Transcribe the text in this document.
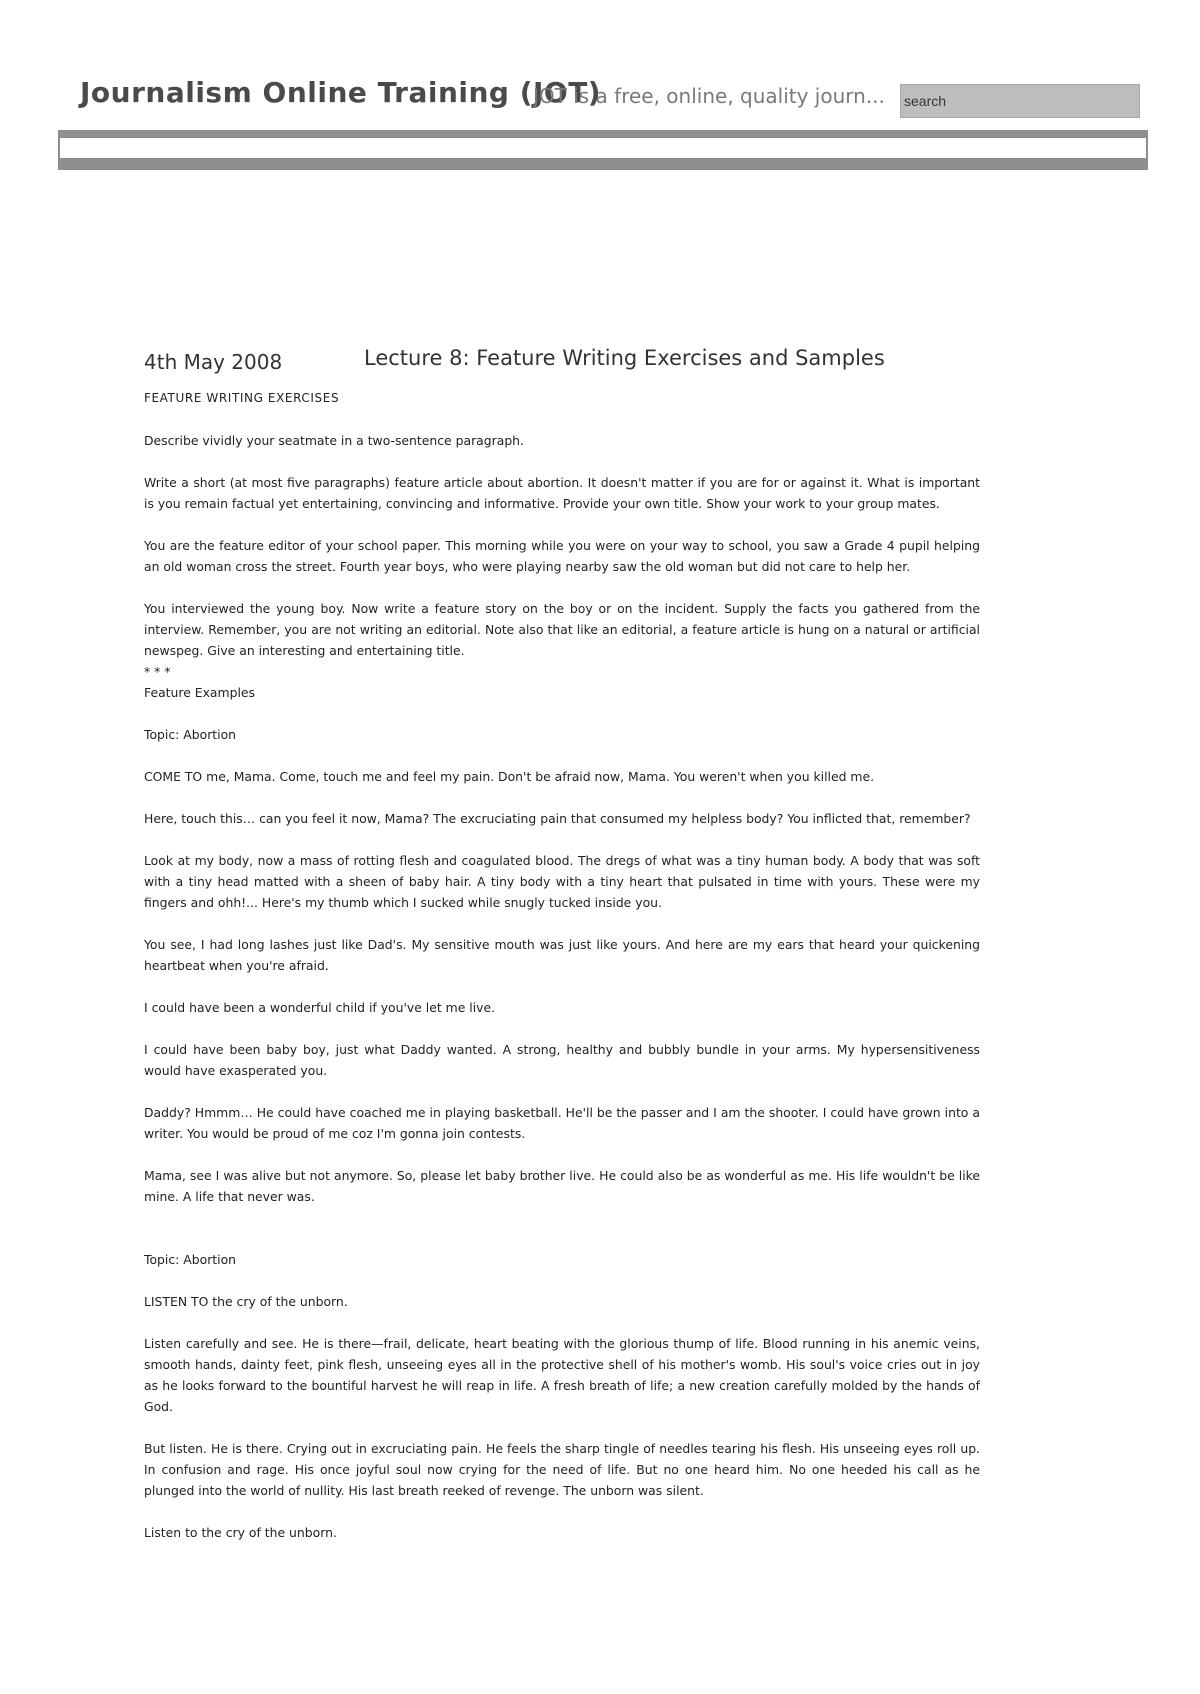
Journalism Online Training (JOT)
JOT is a free, online, quality journ...
search
4th May 2008	Lecture 8: Feature Writing Exercises and Samples

FEATURE WRITING EXERCISES

Describe vividly your seatmate in a two-sentence paragraph.

Write a short (at most five paragraphs) feature article about abortion. It doesn't matter if you are for or against it. What is important is you remain factual yet entertaining, convincing and informative. Provide your own title. Show your work to your group mates.

You are the feature editor of your school paper. This morning while you were on your way to school, you saw a Grade 4 pupil helping an old woman cross the street. Fourth year boys, who were playing nearby saw the old woman but did not care to help her.

You interviewed the young boy. Now write a feature story on the boy or on the incident. Supply the facts you gathered from the interview. Remember, you are not writing an editorial. Note also that like an editorial, a feature article is hung on a natural or artificial newspeg. Give an interesting and entertaining title.

* * *

Feature Examples

Topic: Abortion

COME TO me, Mama. Come, touch me and feel my pain. Don't be afraid now, Mama. You weren't when you killed me.

Here, touch this… can you feel it now, Mama? The excruciating pain that consumed my helpless body? You inflicted that, remember?

Look at my body, now a mass of rotting flesh and coagulated blood. The dregs of what was a tiny human body. A body that was soft with a tiny head matted with a sheen of baby hair. A tiny body with a tiny heart that pulsated in time with yours. These were my fingers and ohh!... Here's my thumb which I sucked while snugly tucked inside you.

You see, I had long lashes just like Dad's. My sensitive mouth was just like yours. And here are my ears that heard your quickening heartbeat when you're afraid.

I could have been a wonderful child if you've let me live.

I could have been baby boy, just what Daddy wanted. A strong, healthy and bubbly bundle in your arms. My hypersensitiveness would have exasperated you.

Daddy? Hmmm… He could have coached me in playing basketball. He'll be the passer and I am the shooter. I could have grown into a writer. You would be proud of me coz I'm gonna join contests.

Mama, see I was alive but not anymore. So, please let baby brother live. He could also be as wonderful as me. His life wouldn't be like mine. A life that never was.

Topic: Abortion

LISTEN TO the cry of the unborn.

Listen carefully and see. He is there—frail, delicate, heart beating with the glorious thump of life. Blood running in his anemic veins, smooth hands, dainty feet, pink flesh, unseeing eyes all in the protective shell of his mother's womb. His soul's voice cries out in joy as he looks forward to the bountiful harvest he will reap in life. A fresh breath of life; a new creation carefully molded by the hands of God.

But listen. He is there. Crying out in excruciating pain. He feels the sharp tingle of needles tearing his flesh. His unseeing eyes roll up. In confusion and rage. His once joyful soul now crying for the need of life. But no one heard him. No one heeded his call as he plunged into the world of nullity. His last breath reeked of revenge. The unborn was silent.

Listen to the cry of the unborn.
